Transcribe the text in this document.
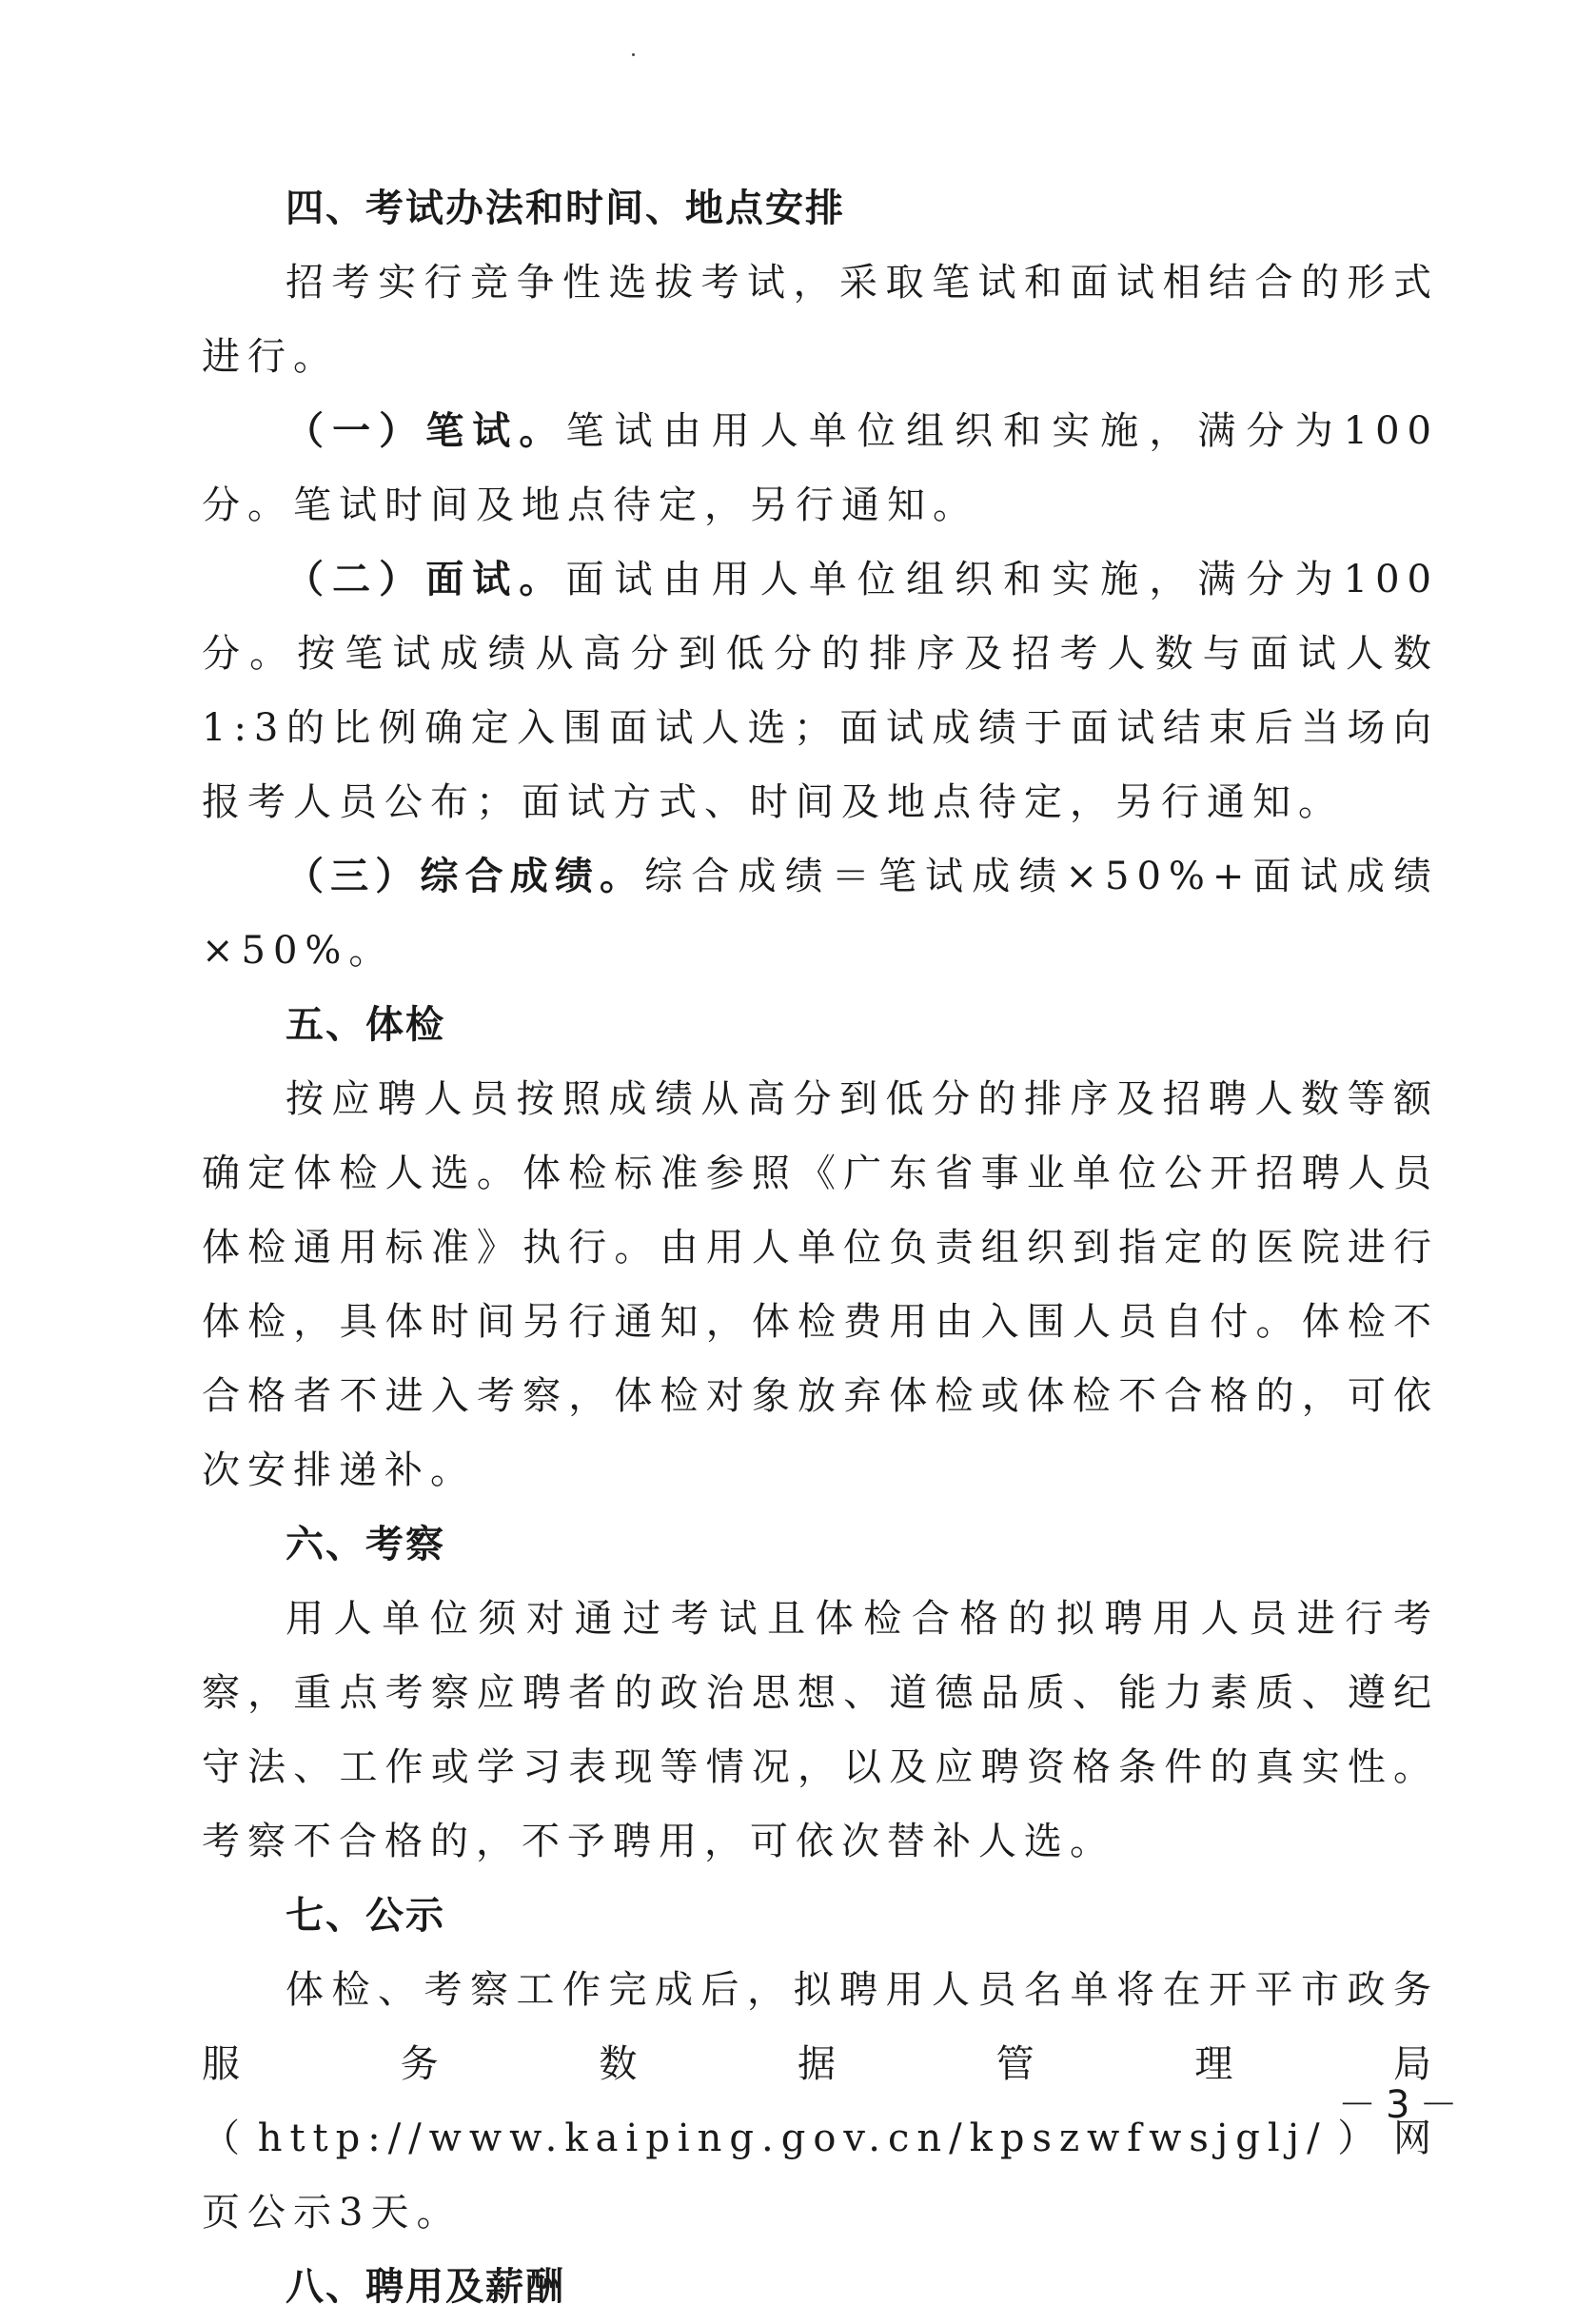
四、考试办法和时间、地点安排

招考实行竞争性选拔考试，采取笔试和面试相结合的形式进行。

（一）笔试。笔试由用人单位组织和实施，满分为100分。笔试时间及地点待定，另行通知。

（二）面试。面试由用人单位组织和实施，满分为100分。按笔试成绩从高分到低分的排序及招考人数与面试人数1:3的比例确定入围面试人选；面试成绩于面试结束后当场向报考人员公布；面试方式、时间及地点待定，另行通知。

（三）综合成绩。综合成绩＝笔试成绩×50%+面试成绩×50%。

五、体检

按应聘人员按照成绩从高分到低分的排序及招聘人数等额确定体检人选。体检标准参照《广东省事业单位公开招聘人员体检通用标准》执行。由用人单位负责组织到指定的医院进行体检，具体时间另行通知，体检费用由入围人员自付。体检不合格者不进入考察，体检对象放弃体检或体检不合格的，可依次安排递补。

六、考察

用人单位须对通过考试且体检合格的拟聘用人员进行考察，重点考察应聘者的政治思想、道德品质、能力素质、遵纪守法、工作或学习表现等情况，以及应聘资格条件的真实性。考察不合格的，不予聘用，可依次替补人选。

七、公示

体检、考察工作完成后，拟聘用人员名单将在开平市政务服务数据管理局（http://www.kaiping.gov.cn/kpszwfwsjglj/）网页公示3天。

八、聘用及薪酬

－3－
